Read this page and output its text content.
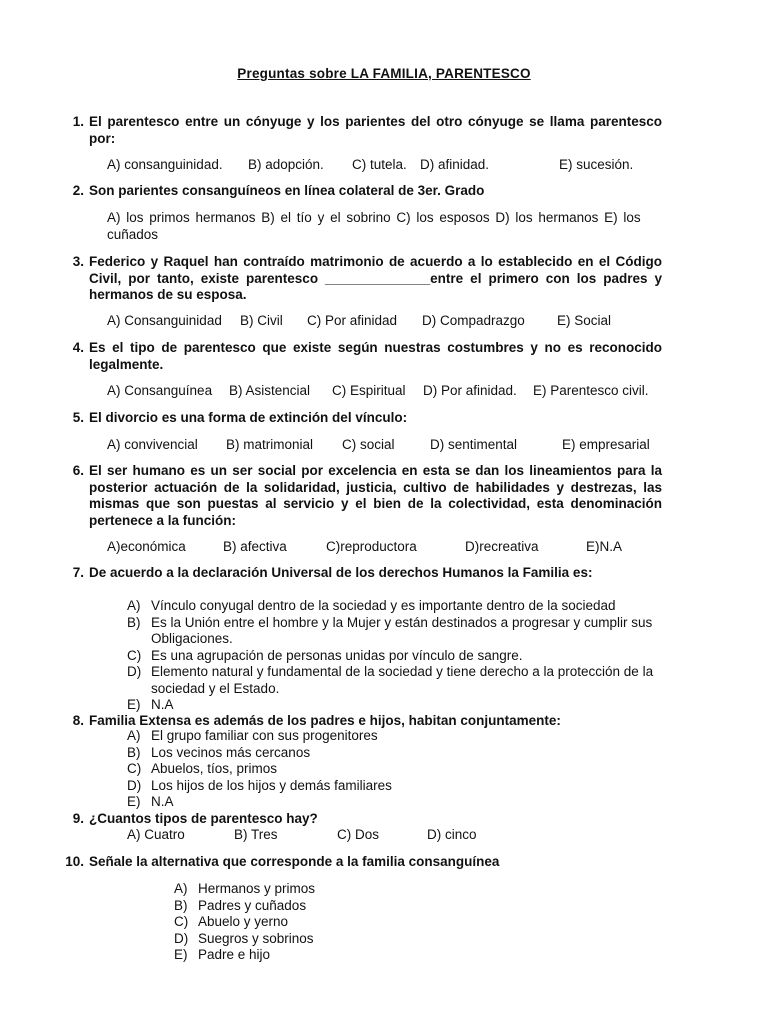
Preguntas sobre LA FAMILIA, PARENTESCO
1. El parentesco entre un cónyuge y los parientes del otro cónyuge se llama parentesco por:
A) consanguinidad. B) adopción. C) tutela. D) afinidad.	E) sucesión.
2. Son parientes consanguíneos en línea colateral de 3er. Grado
A) los primos hermanos B) el tío y el sobrino C) los esposos D) los hermanos E) los cuñados
3. Federico y Raquel han contraído matrimonio de acuerdo a lo establecido en el Código Civil, por tanto, existe parentesco ______________entre el primero con los padres y hermanos de su esposa.
A) Consanguinidad B) Civil C) Por afinidad D) Compadrazgo E) Social
4. Es el tipo de parentesco que existe según nuestras costumbres y no es reconocido legalmente.
A) Consanguínea B) Asistencial C) Espiritual D) Por afinidad. E) Parentesco civil.
5. El divorcio es una forma de extinción del vínculo:
A) convivencial B) matrimonial C) social	D) sentimental	E) empresarial
6. El ser humano es un ser social por excelencia en esta se dan los lineamientos para la posterior actuación de la solidaridad, justicia, cultivo de habilidades y destrezas, las mismas que son puestas al servicio y el bien de la colectividad, esta denominación pertenece a la función:
A)económica	B) afectiva	C)reproductora	D)recreativa	E)N.A
7. De acuerdo a la declaración Universal de los derechos Humanos la Familia es:
A) Vínculo conyugal dentro de la sociedad y es importante dentro de la sociedad
B) Es la Unión entre el hombre y la Mujer y están destinados a progresar y cumplir sus Obligaciones.
C) Es una agrupación de personas unidas por vínculo de sangre.
D) Elemento natural y fundamental de la sociedad y tiene derecho a la protección de la sociedad y el Estado.
E) N.A
8. Familia Extensa es además de los padres e hijos, habitan conjuntamente:
A) El grupo familiar con sus progenitores
B) Los vecinos más cercanos
C) Abuelos, tíos, primos
D) Los hijos de los hijos y demás familiares
E) N.A
9. ¿Cuantos tipos de parentesco hay?
A) Cuatro	B) Tres	C) Dos	D) cinco
10. Señale la alternativa que corresponde a la familia consanguínea
A) Hermanos y primos
B) Padres y cuñados
C) Abuelo y yerno
D) Suegros y sobrinos
E) Padre e hijo
